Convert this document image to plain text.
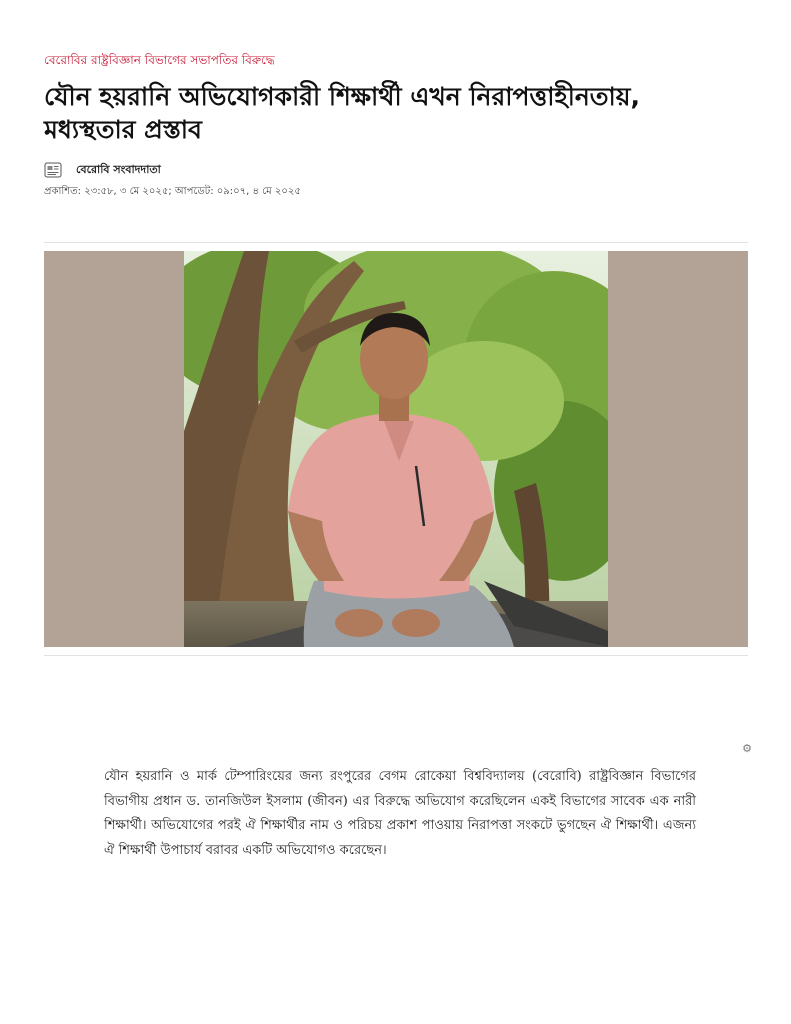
বেরোবির রাষ্ট্রবিজ্ঞান বিভাগের সভাপতির বিরুদ্ধে
যৌন হয়রানি অভিযোগকারী শিক্ষার্থী এখন নিরাপত্তাহীনতায়, মধ্যস্থতার প্রস্তাব
বেরোবি সংবাদদাতা
প্রকাশিত: ২৩:৫৮, ৩ মে ২০২৫; আপডেট: ০৯:০৭, ৪ মে ২০২৫
⚙

যৌন হয়রানি ও মার্ক টেম্পারিংয়ের জন্য রংপুরের বেগম রোকেয়া বিশ্ববিদ্যালয় (বেরোবি) রাষ্ট্রবিজ্ঞান বিভাগের বিভাগীয় প্রধান ড. তানজিউল ইসলাম (জীবন) এর বিরুদ্ধে অভিযোগ করেছিলেন একই বিভাগের সাবেক এক নারী শিক্ষার্থী। অভিযোগের পরই ঐ শিক্ষার্থীর নাম ও পরিচয় প্রকাশ পাওয়ায় নিরাপত্তা সংকটে ভুগছেন ঐ শিক্ষার্থী। এজন্য ঐ শিক্ষার্থী উপাচার্য বরাবর একটি অভিযোগও করেছেন।
